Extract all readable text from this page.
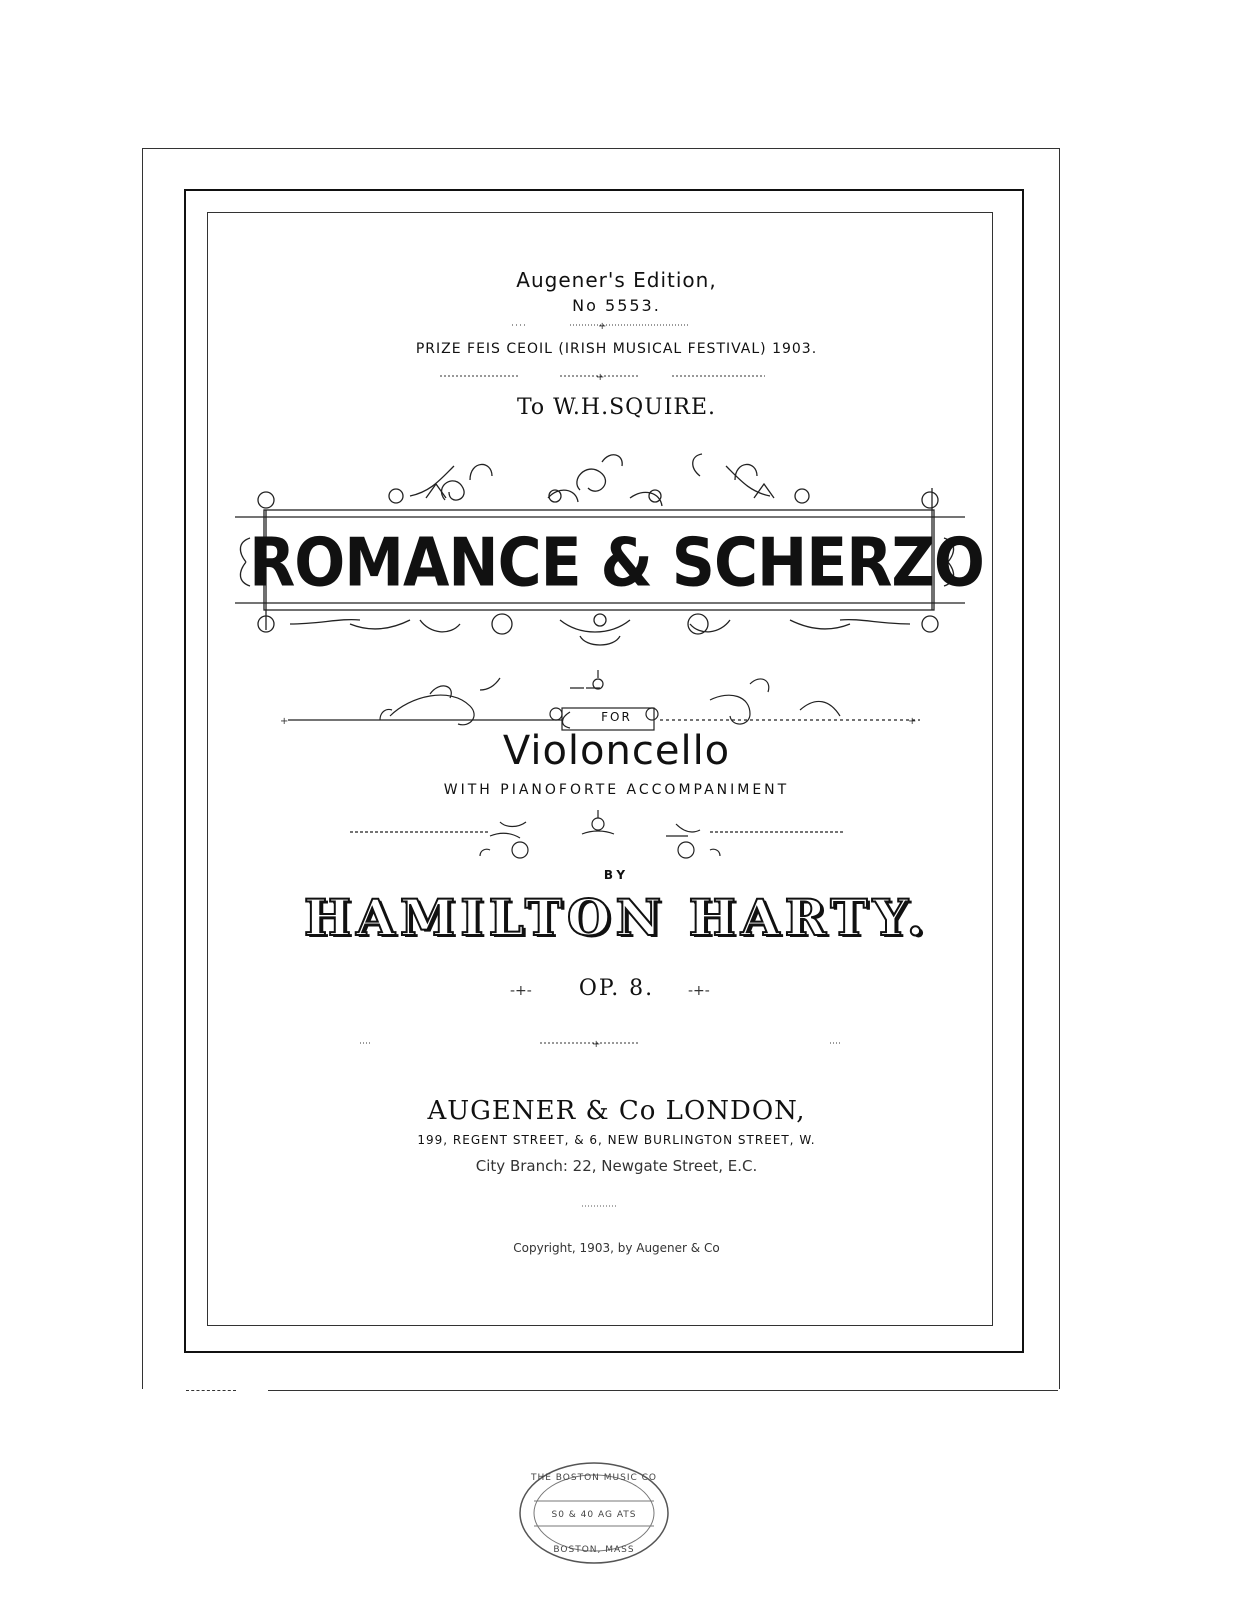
Augener's Edition,
No 5553.
+
PRIZE FEIS CEOIL (IRISH MUSICAL FESTIVAL) 1903.
+
To W.H.SQUIRE.
ROMANCE & SCHERZO
+	+
FOR
Violoncello
WITH PIANOFORTE ACCOMPANIMENT
BY
HAMILTON HARTY.
-+-	-+-
OP. 8.
+
AUGENER & Co LONDON,
199, REGENT STREET, & 6, NEW BURLINGTON STREET, W.
City Branch: 22, Newgate Street, E.C.
Copyright, 1903, by Augener & Co
THE BOSTON MUSIC CO
S0 & 40 AG ATS
BOSTON, MASS
